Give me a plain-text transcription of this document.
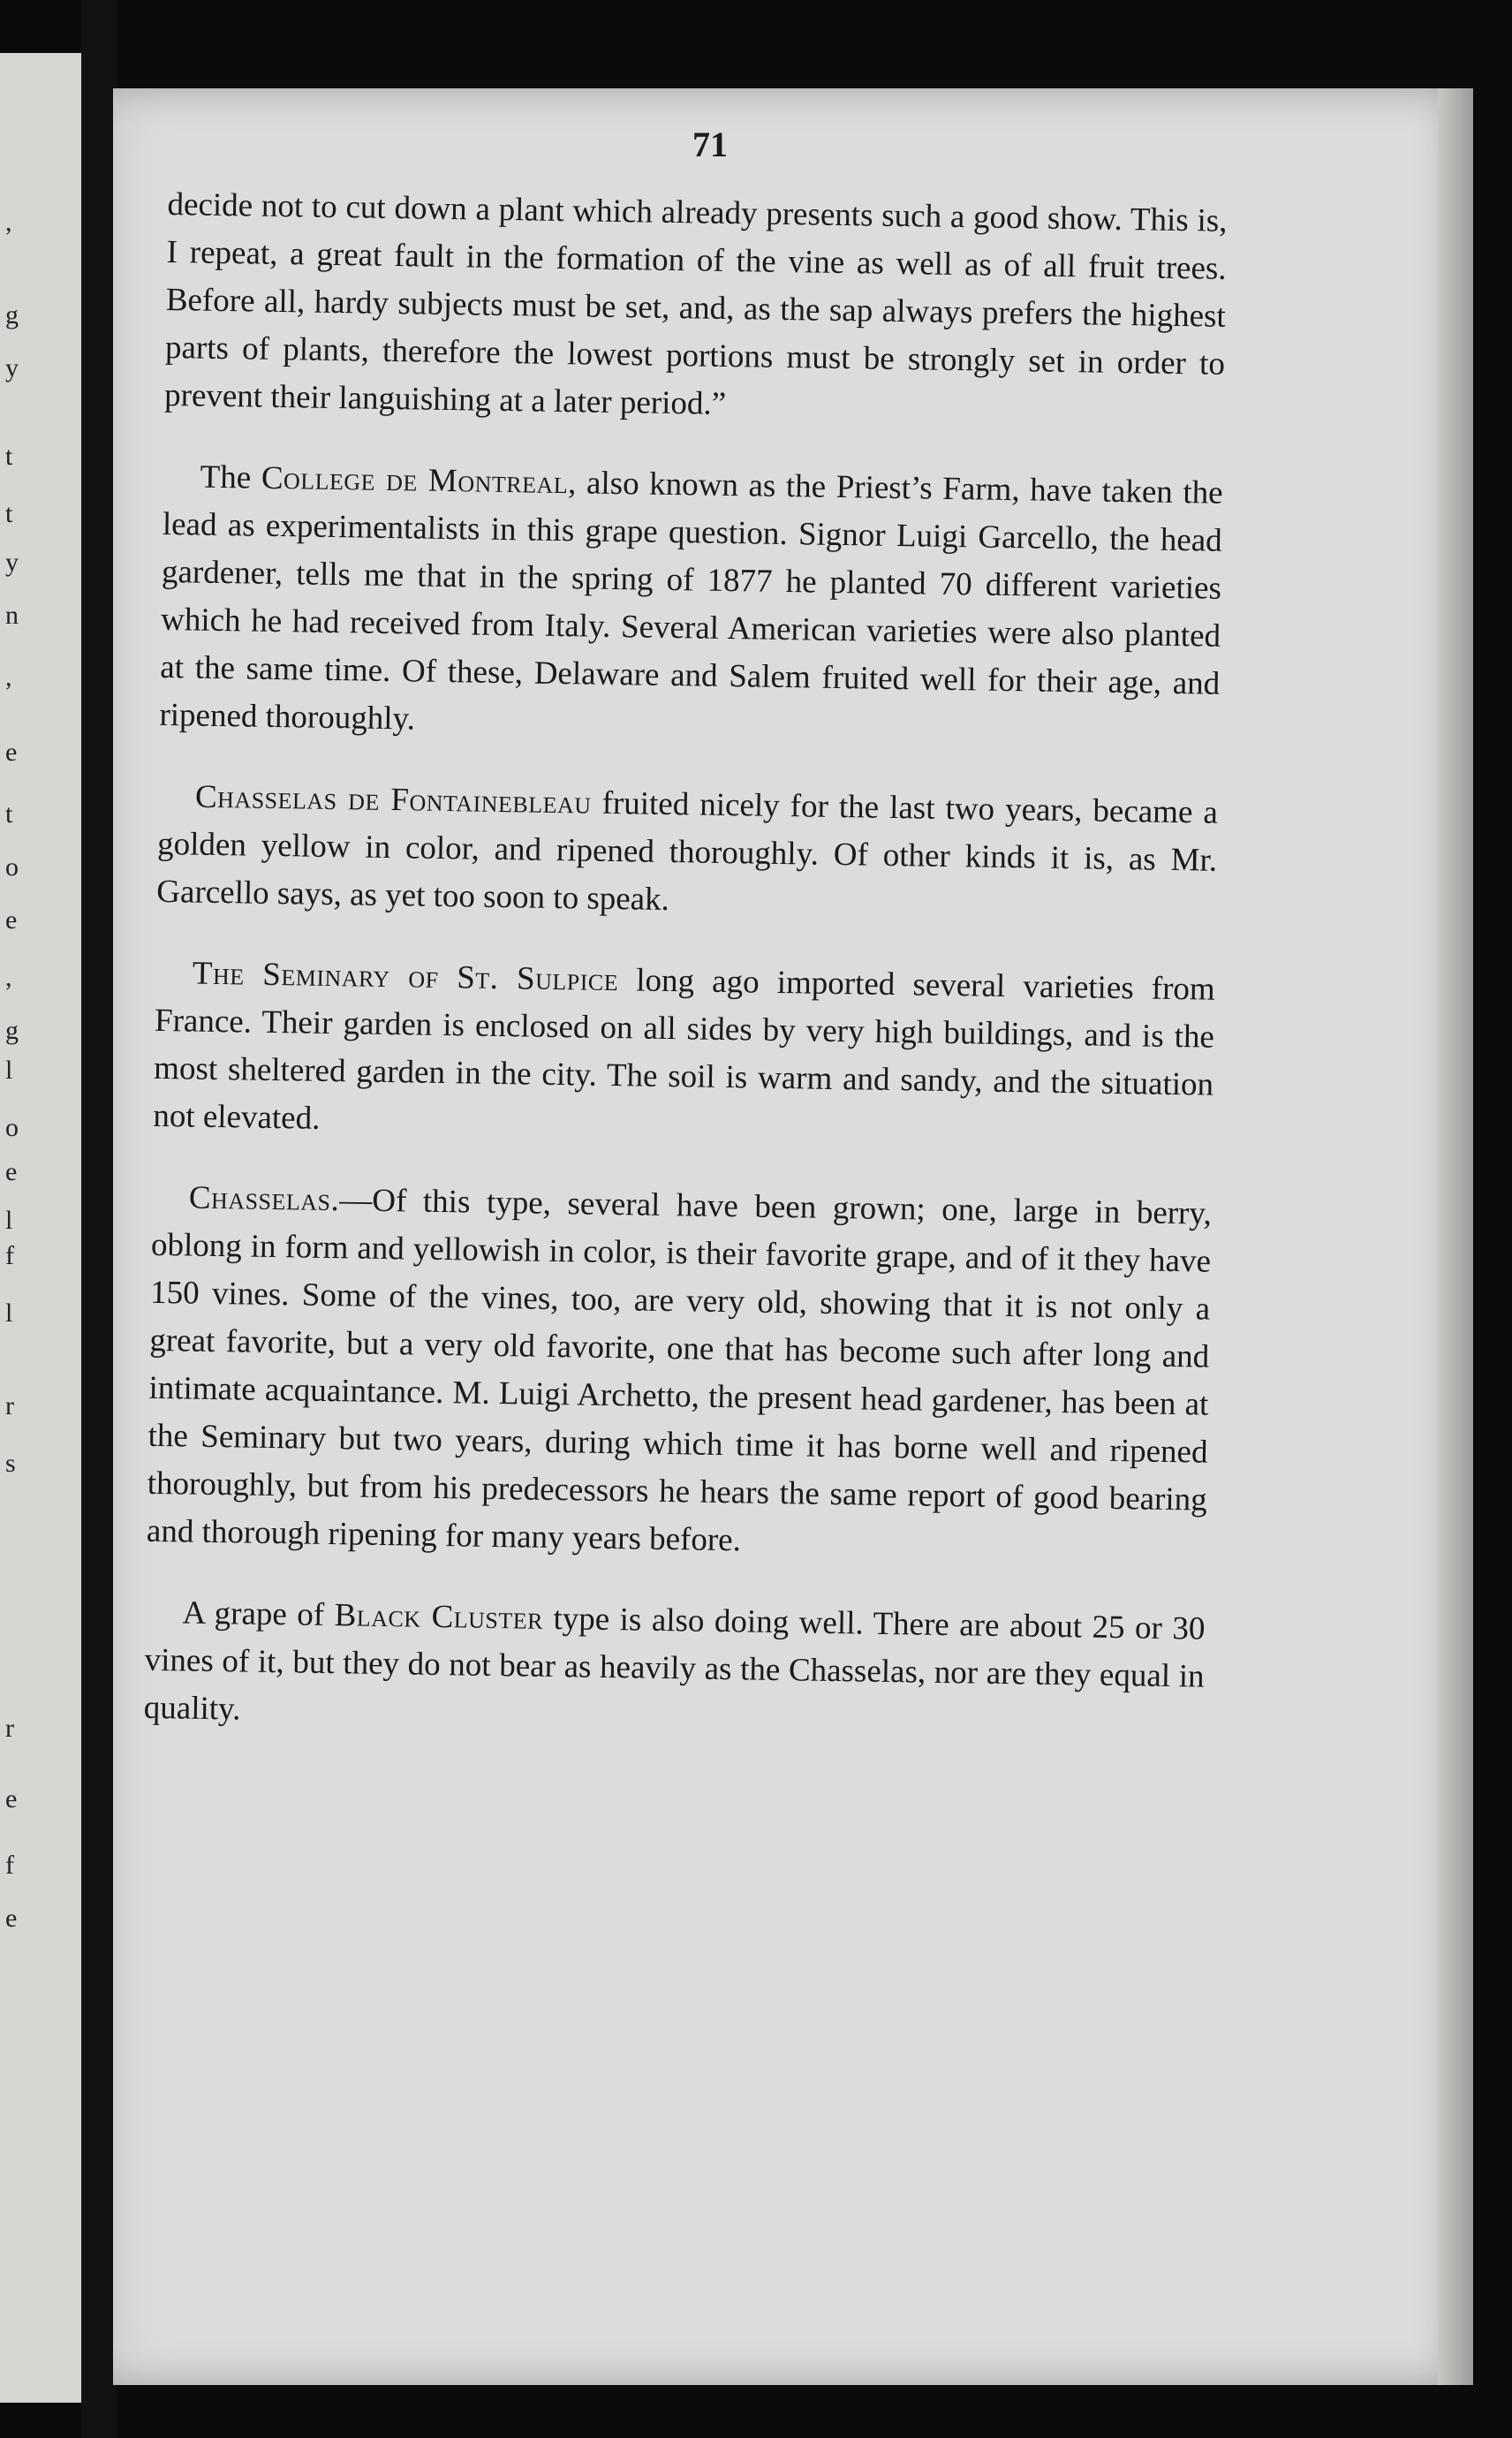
,
g
y
t
t
y
n
,
e
t
o
e
,
g
l
o
e
l
f
l
r
s
r
e
f
e
71

decide not to cut down a plant which already presents such a good show. This is, I repeat, a great fault in the formation of the vine as well as of all fruit trees. Before all, hardy subjects must be set, and, as the sap always prefers the highest parts of plants, therefore the lowest portions must be strongly set in order to prevent their languishing at a later period.”

The College de Montreal, also known as the Priest’s Farm, have taken the lead as experimentalists in this grape question. Signor Luigi Garcello, the head gardener, tells me that in the spring of 1877 he planted 70 different varieties which he had received from Italy. Several American varieties were also planted at the same time. Of these, Delaware and Salem fruited well for their age, and ripened thoroughly.

Chasselas de Fontainebleau fruited nicely for the last two years, became a golden yellow in color, and ripened thoroughly. Of other kinds it is, as Mr. Garcello says, as yet too soon to speak.

The Seminary of St. Sulpice long ago imported several varieties from France. Their garden is enclosed on all sides by very high buildings, and is the most sheltered garden in the city. The soil is warm and sandy, and the situation not elevated.

Chasselas.—Of this type, several have been grown; one, large in berry, oblong in form and yellowish in color, is their favorite grape, and of it they have 150 vines. Some of the vines, too, are very old, showing that it is not only a great favorite, but a very old favorite, one that has become such after long and intimate acquaintance. M. Luigi Archetto, the present head gardener, has been at the Seminary but two years, during which time it has borne well and ripened thoroughly, but from his predecessors he hears the same report of good bearing and thorough ripening for many years before.

A grape of Black Cluster type is also doing well. There are about 25 or 30 vines of it, but they do not bear as heavily as the Chasselas, nor are they equal in quality.
